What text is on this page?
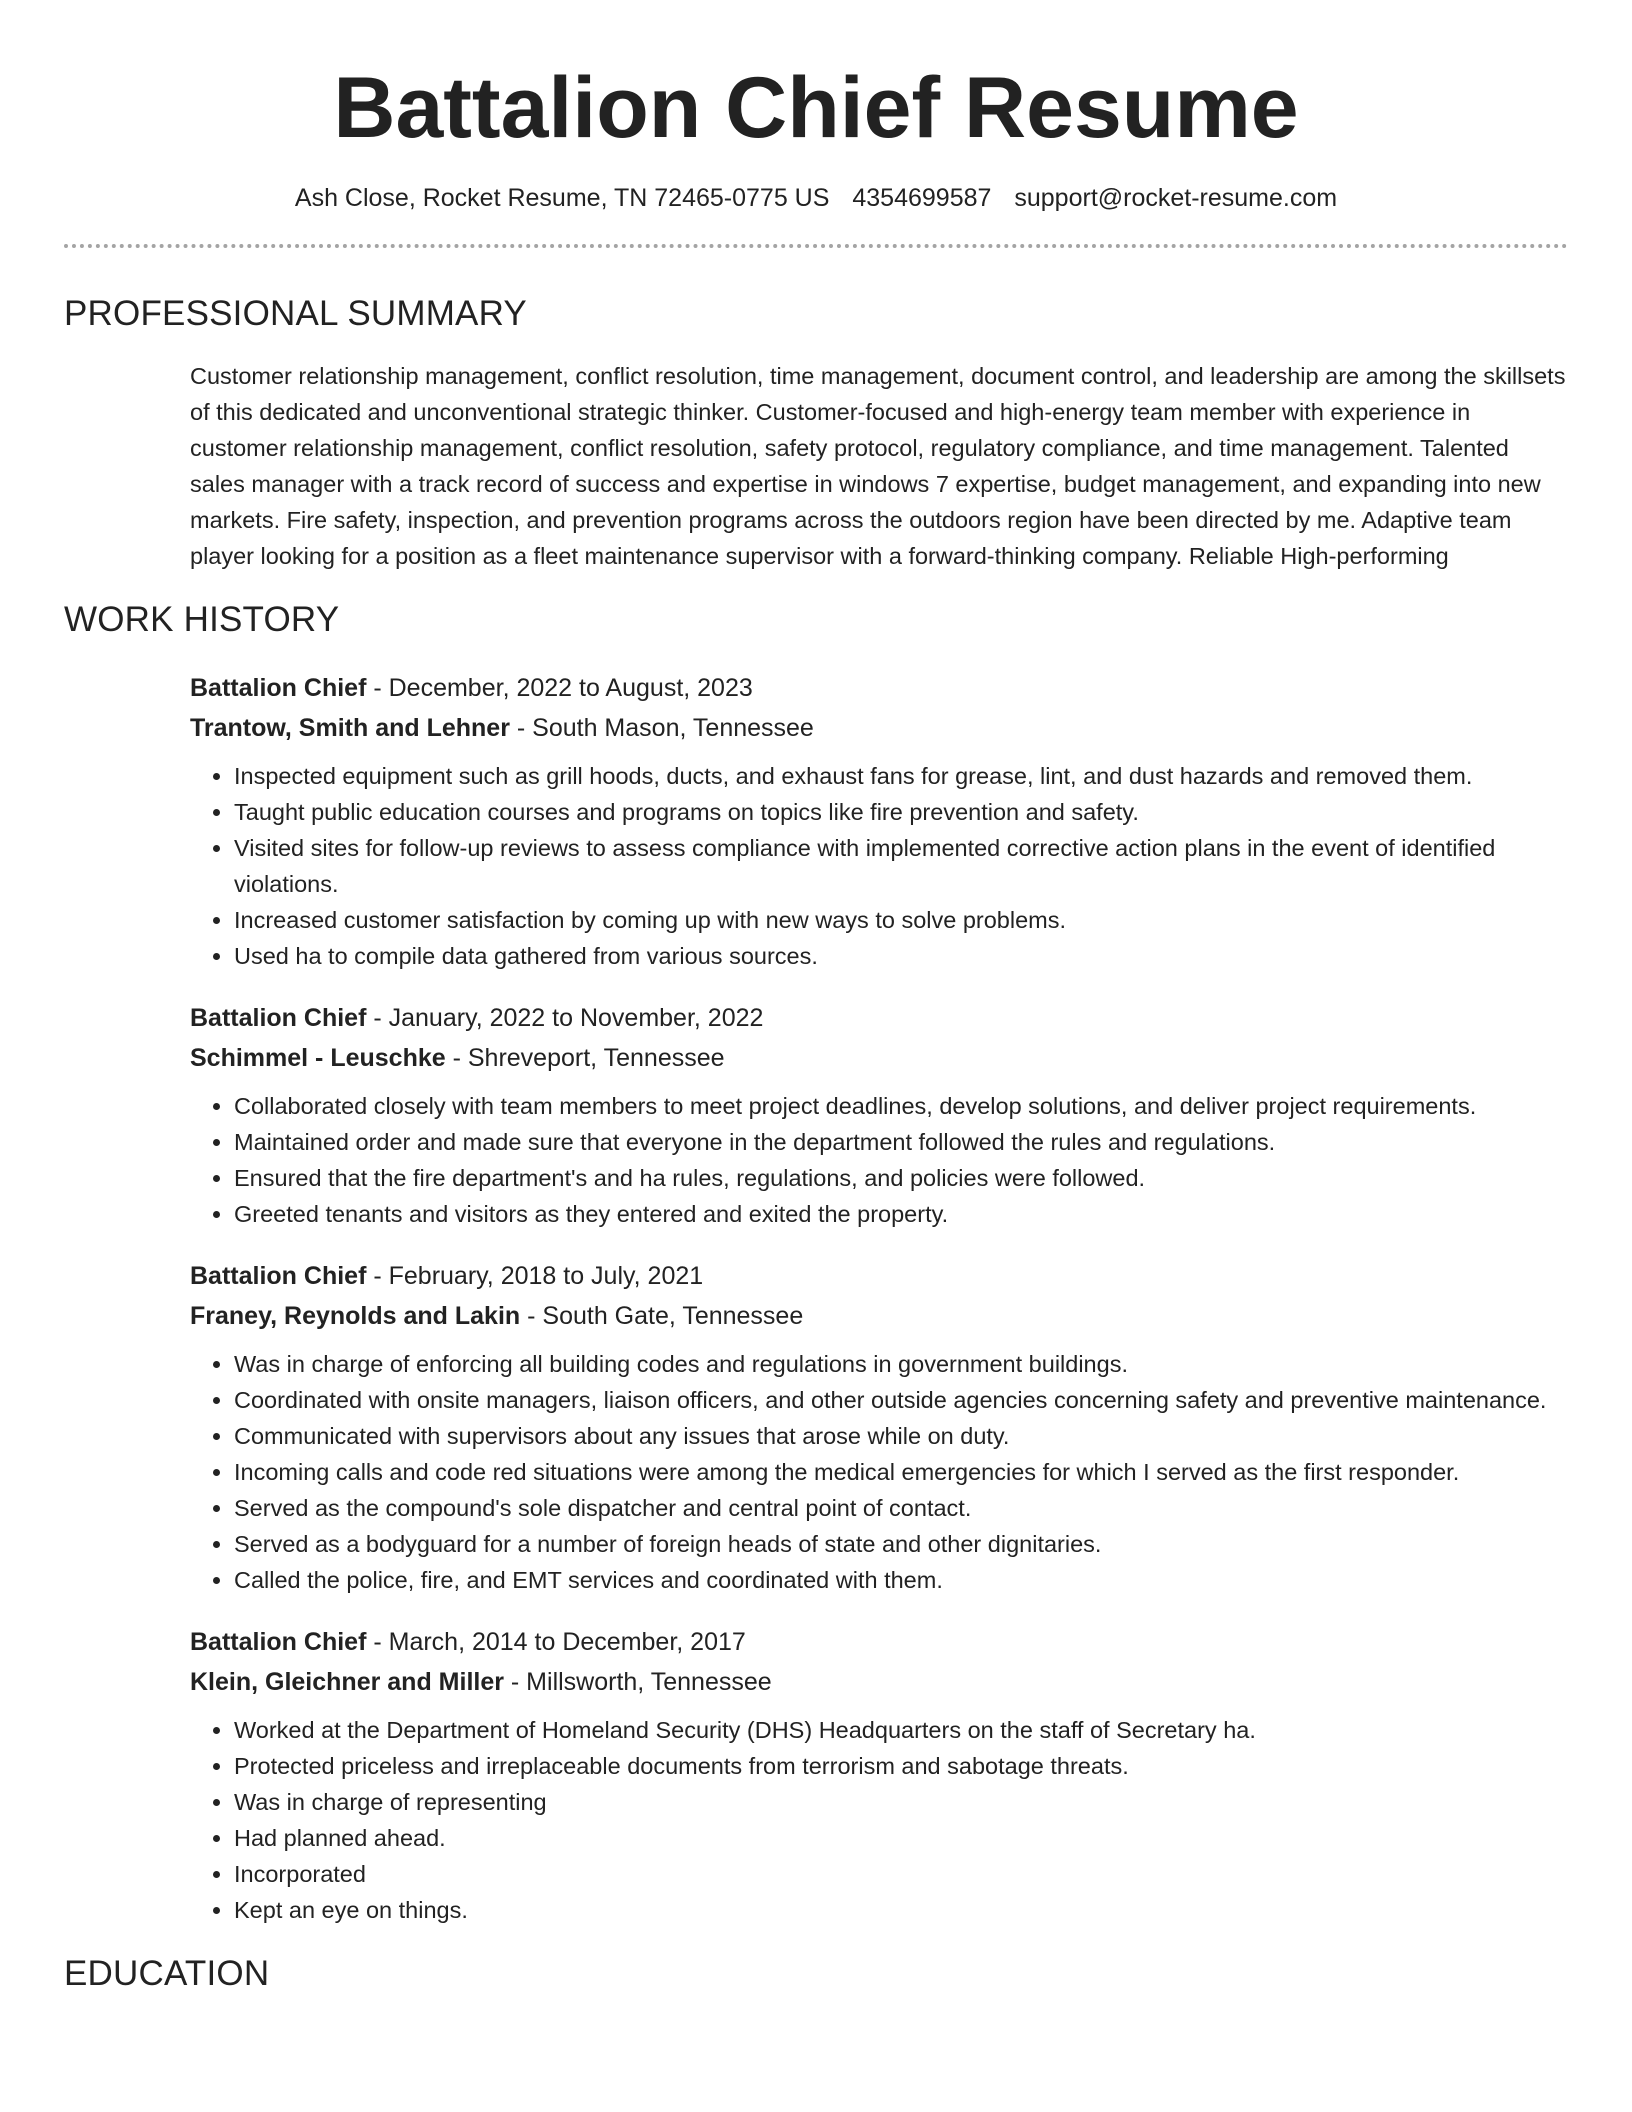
Battalion Chief Resume
Ash Close, Rocket Resume, TN 72465-0775 US 4354699587 support@rocket-resume.com
PROFESSIONAL SUMMARY

Customer relationship management, conflict resolution, time management, document control, and leadership are among the skillsets of this dedicated and unconventional strategic thinker. Customer-focused and high-energy team member with experience in customer relationship management, conflict resolution, safety protocol, regulatory compliance, and time management. Talented sales manager with a track record of success and expertise in windows 7 expertise, budget management, and expanding into new markets. Fire safety, inspection, and prevention programs across the outdoors region have been directed by me. Adaptive team player looking for a position as a fleet maintenance supervisor with a forward-thinking company. Reliable High-performing

WORK HISTORY
Battalion Chief - December, 2022 to August, 2023
Trantow, Smith and Lehner - South Mason, Tennessee
• Inspected equipment such as grill hoods, ducts, and exhaust fans for grease, lint, and dust hazards and removed them.
• Taught public education courses and programs on topics like fire prevention and safety.
• Visited sites for follow-up reviews to assess compliance with implemented corrective action plans in the event of identified violations.
• Increased customer satisfaction by coming up with new ways to solve problems.
• Used ha to compile data gathered from various sources.
Battalion Chief - January, 2022 to November, 2022
Schimmel - Leuschke - Shreveport, Tennessee
• Collaborated closely with team members to meet project deadlines, develop solutions, and deliver project requirements.
• Maintained order and made sure that everyone in the department followed the rules and regulations.
• Ensured that the fire department's and ha rules, regulations, and policies were followed.
• Greeted tenants and visitors as they entered and exited the property.
Battalion Chief - February, 2018 to July, 2021
Franey, Reynolds and Lakin - South Gate, Tennessee
• Was in charge of enforcing all building codes and regulations in government buildings.
• Coordinated with onsite managers, liaison officers, and other outside agencies concerning safety and preventive maintenance.
• Communicated with supervisors about any issues that arose while on duty.
• Incoming calls and code red situations were among the medical emergencies for which I served as the first responder.
• Served as the compound's sole dispatcher and central point of contact.
• Served as a bodyguard for a number of foreign heads of state and other dignitaries.
• Called the police, fire, and EMT services and coordinated with them.
Battalion Chief - March, 2014 to December, 2017
Klein, Gleichner and Miller - Millsworth, Tennessee
• Worked at the Department of Homeland Security (DHS) Headquarters on the staff of Secretary ha.
• Protected priceless and irreplaceable documents from terrorism and sabotage threats.
• Was in charge of representing
• Had planned ahead.
• Incorporated
• Kept an eye on things.
EDUCATION
